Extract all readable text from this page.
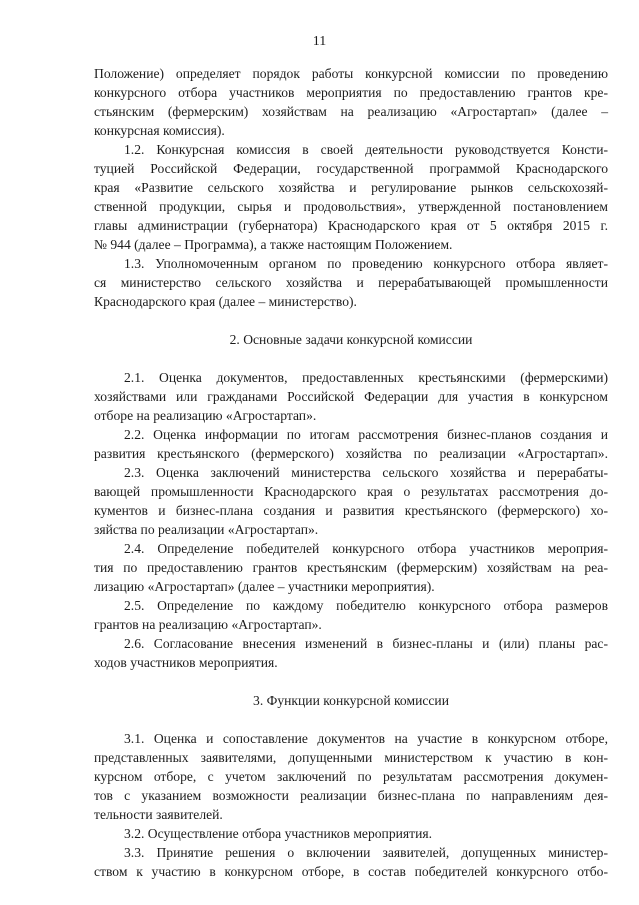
11
Положение) определяет порядок работы конкурсной комиссии по проведению
конкурсного отбора участников мероприятия по предоставлению грантов кре-
стьянским (фермерским) хозяйствам на реализацию «Агростартап» (далее –
конкурсная комиссия).
1.2. Конкурсная комиссия в своей деятельности руководствуется Консти-
туцией Российской Федерации, государственной программой Краснодарского
края «Развитие сельского хозяйства и регулирование рынков сельскохозяй-
ственной продукции, сырья и продовольствия», утвержденной постановлением
главы администрации (губернатора) Краснодарского края от 5 октября 2015 г.
№ 944 (далее – Программа), а также настоящим Положением.
1.3. Уполномоченным органом по проведению конкурсного отбора являет-
ся министерство сельского хозяйства и перерабатывающей промышленности
Краснодарского края (далее – министерство).
2. Основные задачи конкурсной комиссии
2.1. Оценка документов, предоставленных крестьянскими (фермерскими)
хозяйствами или гражданами Российской Федерации для участия в конкурсном
отборе на реализацию «Агростартап».
2.2. Оценка информации по итогам рассмотрения бизнес-планов создания и
развития крестьянского (фермерского) хозяйства по реализации «Агростартап».
2.3. Оценка заключений министерства сельского хозяйства и перерабаты-
вающей промышленности Краснодарского края о результатах рассмотрения до-
кументов и бизнес-плана создания и развития крестьянского (фермерского) хо-
зяйства по реализации «Агростартап».
2.4. Определение победителей конкурсного отбора участников мероприя-
тия по предоставлению грантов крестьянским (фермерским) хозяйствам на реа-
лизацию «Агростартап» (далее – участники мероприятия).
2.5. Определение по каждому победителю конкурсного отбора размеров
грантов на реализацию «Агростартап».
2.6. Согласование внесения изменений в бизнес-планы и (или) планы рас-
ходов участников мероприятия.
3. Функции конкурсной комиссии
3.1. Оценка и сопоставление документов на участие в конкурсном отборе,
представленных заявителями, допущенными министерством к участию в кон-
курсном отборе, с учетом заключений по результатам рассмотрения докумен-
тов с указанием возможности реализации бизнес-плана по направлениям дея-
тельности заявителей.
3.2. Осуществление отбора участников мероприятия.
3.3. Принятие решения о включении заявителей, допущенных министер-
ством к участию в конкурсном отборе, в состав победителей конкурсного отбо-
